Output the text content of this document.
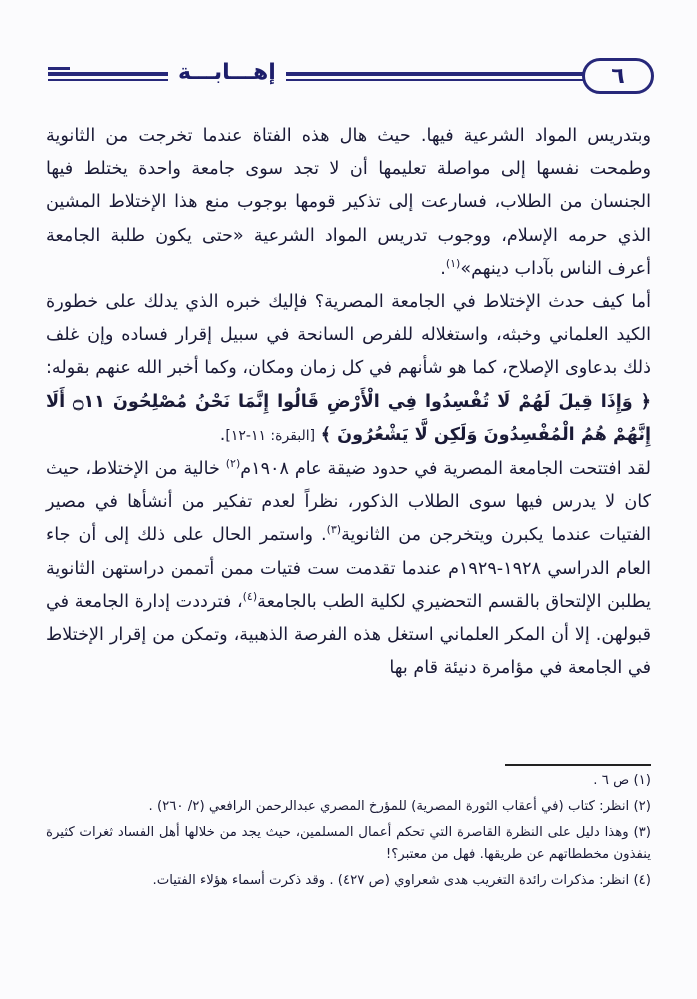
إهـــابـــة	٦

وبتدريس المواد الشرعية فيها. حيث هال هذه الفتاة عندما تخرجت من الثانوية وطمحت نفسها إلى مواصلة تعليمها أن لا تجد سوى جامعة واحدة يختلط فيها الجنسان من الطلاب، فسارعت إلى تذكير قومها بوجوب منع هذا الإختلاط المشين الذي حرمه الإسلام، ووجوب تدريس المواد الشرعية «حتى يكون طلبة الجامعة أعرف الناس بآداب دينهم»$^{(١)}$.

أما كيف حدث الإختلاط في الجامعة المصرية؟ فإليك خبره الذي يدلك على خطورة الكيد العلماني وخبثه، واستغلاله للفرص السانحة في سبيل إقرار فساده وإن غلف ذلك بدعاوى الإصلاح، كما هو شأنهم في كل زمان ومكان، وكما أخبر الله عنهم بقوله: ﴿ وَإِذَا قِيلَ لَهُمْ لَا تُفْسِدُوا فِي الْأَرْضِ قَالُوا إِنَّمَا نَحْنُ مُصْلِحُونَ ۝١١ أَلَا إِنَّهُمْ هُمُ الْمُفْسِدُونَ وَلَكِن لَّا يَشْعُرُونَ ﴾ [البقرة: ١١-١٢].

لقد افتتحت الجامعة المصرية في حدود ضيقة عام ١٩٠٨م$^{(٢)}$ خالية من الإختلاط، حيث كان لا يدرس فيها سوى الطلاب الذكور، نظراً لعدم تفكير من أنشأها في مصير الفتيات عندما يكبرن ويتخرجن من الثانوية$^{(٣)}$. واستمر الحال على ذلك إلى أن جاء العام الدراسي ١٩٢٨-١٩٢٩م عندما تقدمت ست فتيات ممن أتممن دراستهن الثانوية يطلبن الإلتحاق بالقسم التحضيري لكلية الطب بالجامعة$^{(٤)}$، فترددت إدارة الجامعة في قبولهن. إلا أن المكر العلماني استغل هذه الفرصة الذهبية، وتمكن من إقرار الإختلاط في الجامعة في مؤامرة دنيئة قام بها

(١) ص ٦ .

(٢) انظر: كتاب (في أعقاب الثورة المصرية) للمؤرخ المصري عبدالرحمن الرافعي (٢/ ٢٦٠) .

(٣) وهذا دليل على النظرة القاصرة التي تحكم أعمال المسلمين، حيث يجد من خلالها أهل الفساد ثغرات كثيرة ينفذون مخططاتهم عن طريقها. فهل من معتبر؟!

(٤) انظر: مذكرات رائدة التغريب هدى شعراوي (ص ٤٢٧) . وقد ذكرت أسماء هؤلاء الفتيات.
